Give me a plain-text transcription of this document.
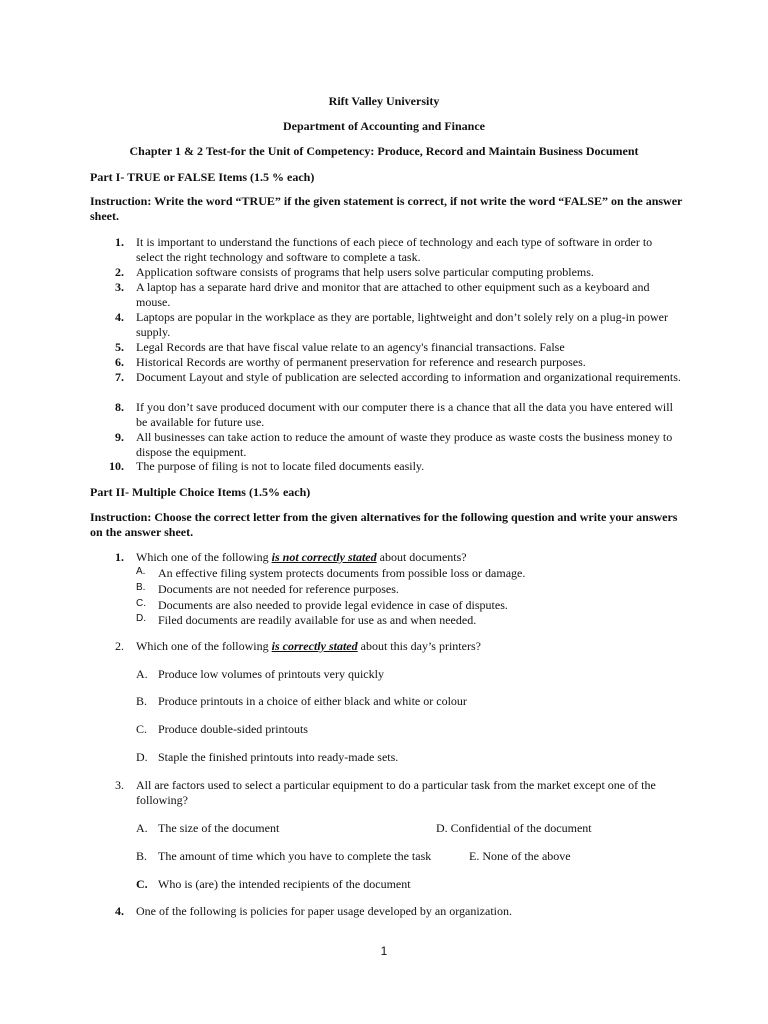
Rift Valley University
Department of Accounting and Finance
Chapter 1 & 2 Test-for the Unit of Competency: Produce, Record and Maintain Business Document
Part I- TRUE or FALSE Items (1.5 % each)
Instruction: Write the word “TRUE” if the given statement is correct, if not write the word “FALSE” on the answer sheet.
1. It is important to understand the functions of each piece of technology and each type of software in order to select the right technology and software to complete a task.
2. Application software consists of programs that help users solve particular computing problems.
3. A laptop has a separate hard drive and monitor that are attached to other equipment such as a keyboard and mouse.
4. Laptops are popular in the workplace as they are portable, lightweight and don’t solely rely on a plug-in power supply.
5. Legal Records are that have fiscal value relate to an agency's financial transactions. False
6. Historical Records are worthy of permanent preservation for reference and research purposes.
7. Document Layout and style of publication are selected according to information and organizational requirements.
8. If you don’t save produced document with our computer there is a chance that all the data you have entered will be available for future use.
9. All businesses can take action to reduce the amount of waste they produce as waste costs the business money to dispose the equipment.
10. The purpose of filing is not to locate filed documents easily.
Part II- Multiple Choice Items (1.5% each)
Instruction: Choose the correct letter from the given alternatives for the following question and write your answers on the answer sheet.
1. Which one of the following is not correctly stated about documents?
A. An effective filing system protects documents from possible loss or damage.
B. Documents are not needed for reference purposes.
C. Documents are also needed to provide legal evidence in case of disputes.
D. Filed documents are readily available for use as and when needed.
2. Which one of the following is correctly stated about this day’s printers?
A. Produce low volumes of printouts very quickly
B. Produce printouts in a choice of either black and white or colour
C. Produce double-sided printouts
D. Staple the finished printouts into ready-made sets.
3. All are factors used to select a particular equipment to do a particular task from the market except one of the following?
A. The size of the document	D. Confidential of the document
B. The amount of time which you have to complete the task	E. None of the above
C. Who is (are) the intended recipients of the document
4. One of the following is policies for paper usage developed by an organization.
1
